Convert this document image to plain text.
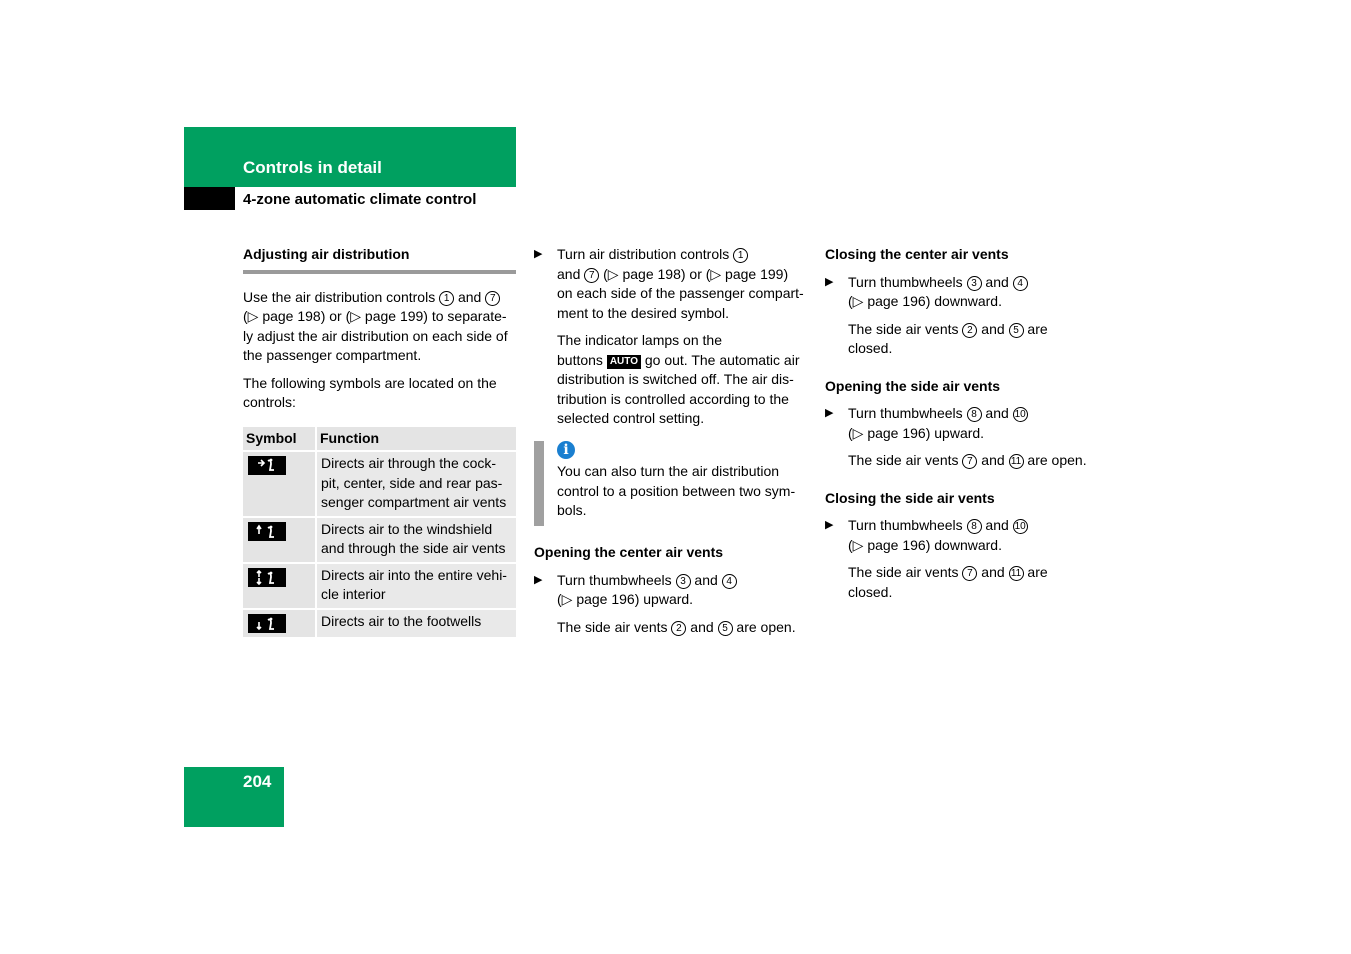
Controls in detail
4-zone automatic climate control
Adjusting air distribution

Use the air distribution controls 1 and 7
(▷ page 198) or (▷ page 199) to separate-
ly adjust the air distribution on each side of
the passenger compartment.

The following symbols are located on the
controls:

Symbol	Function

	Directs air through the cock-
pit, center, side and rear pas-
senger compartment air vents

	Directs air to the windshield
and through the side air vents

	Directs air into the entire vehi-
cle interior

	Directs air to the footwells
▶ Turn air distribution controls 1
and 7 (▷ page 198) or (▷ page 199)
on each side of the passenger compart-
ment to the desired symbol.

The indicator lamps on the
buttons AUTO go out. The automatic air
distribution is switched off. The air dis-
tribution is controlled according to the
selected control setting.

i
You can also turn the air distribution
control to a position between two sym-
bols.
Opening the center air vents
▶ Turn thumbwheels 3 and 4
(▷ page 196) upward.

The side air vents 2 and 5 are open.

Closing the center air vents
▶ Turn thumbwheels 3 and 4
(▷ page 196) downward.

The side air vents 2 and 5 are
closed.

Opening the side air vents
▶ Turn thumbwheels 8 and 10
(▷ page 196) upward.

The side air vents 7 and 11 are open.

Closing the side air vents
▶ Turn thumbwheels 8 and 10
(▷ page 196) downward.

The side air vents 7 and 11 are
closed.

204
